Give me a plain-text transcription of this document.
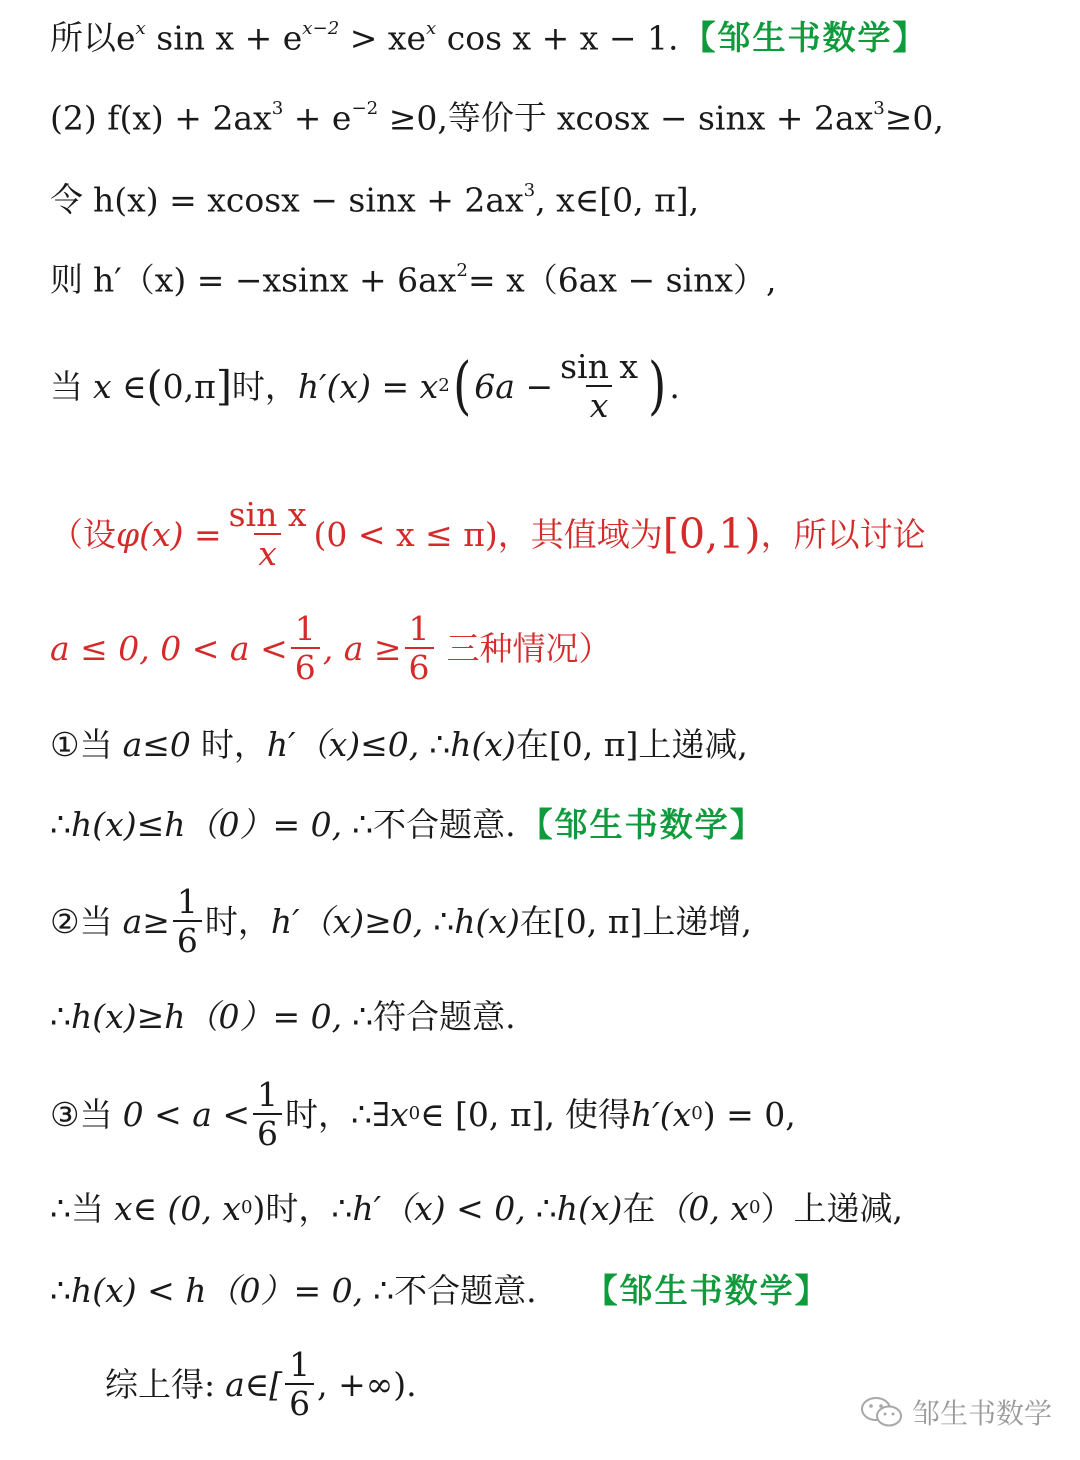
所以 $e^x$ $\sin x + e^{x-2} > xe^x$ cos x + x − 1. 【邹生书数学】
(2) $f(x) + 2ax^3 + e^{-2} \ge 0$, 等价于 $xcosx - \sin x + 2ax^3\ge 0$,
令 $h(x) = xcosx - \sin x + 2ax^3$, x∈[0, π],
则 $h'(x) = -xsinx + 6ax^2= x(6ax - \sin x)$,
当 x ∈ ( 0,π ] 时， h′ (x) = x 2 ( $6a - \frac{\text{sin x}}{x}$ ) .
（设 $\varphi(x) = \frac{\text{sin x}}{x} (0 < x \le \pi)$ ，其值域为 [0,1) ，所以讨论
a ≤ 0, $0 < a < \frac{1}{6}$ , $a \ge \frac{1}{6}$ 三种情况）
① 当 a≤0 时， h′（x)≤0, ∴ h(x) 在 [0, π] 上递减,
∴ h(x)≤h（0）= 0, ∴ 不合题意. 【邹生书数学】
② 当 $a\ge \frac{1}{6}$ 时， h′（x)≥0, ∴ h(x) 在 [0, π] 上递增,
∴ h(x)≥h（0）= 0, ∴ 符合题意.
③ 当 $0 < a < \frac{1}{6}$ 时， ∴ ∃ x 0 ∈ [0, π], 使得 h′(x 0 ) = 0,
∴ 当 x∈ (0, x 0 ) 时， ∴ h′（x) < 0, ∴ h(x) 在 （0, x 0 ） 上递减,
∴ h(x) < h（0）= 0, ∴ 不合题意. 【邹生书数学】
综上得: a∈[ $\frac{1}{6}$ , +∞).
邹生书数学
